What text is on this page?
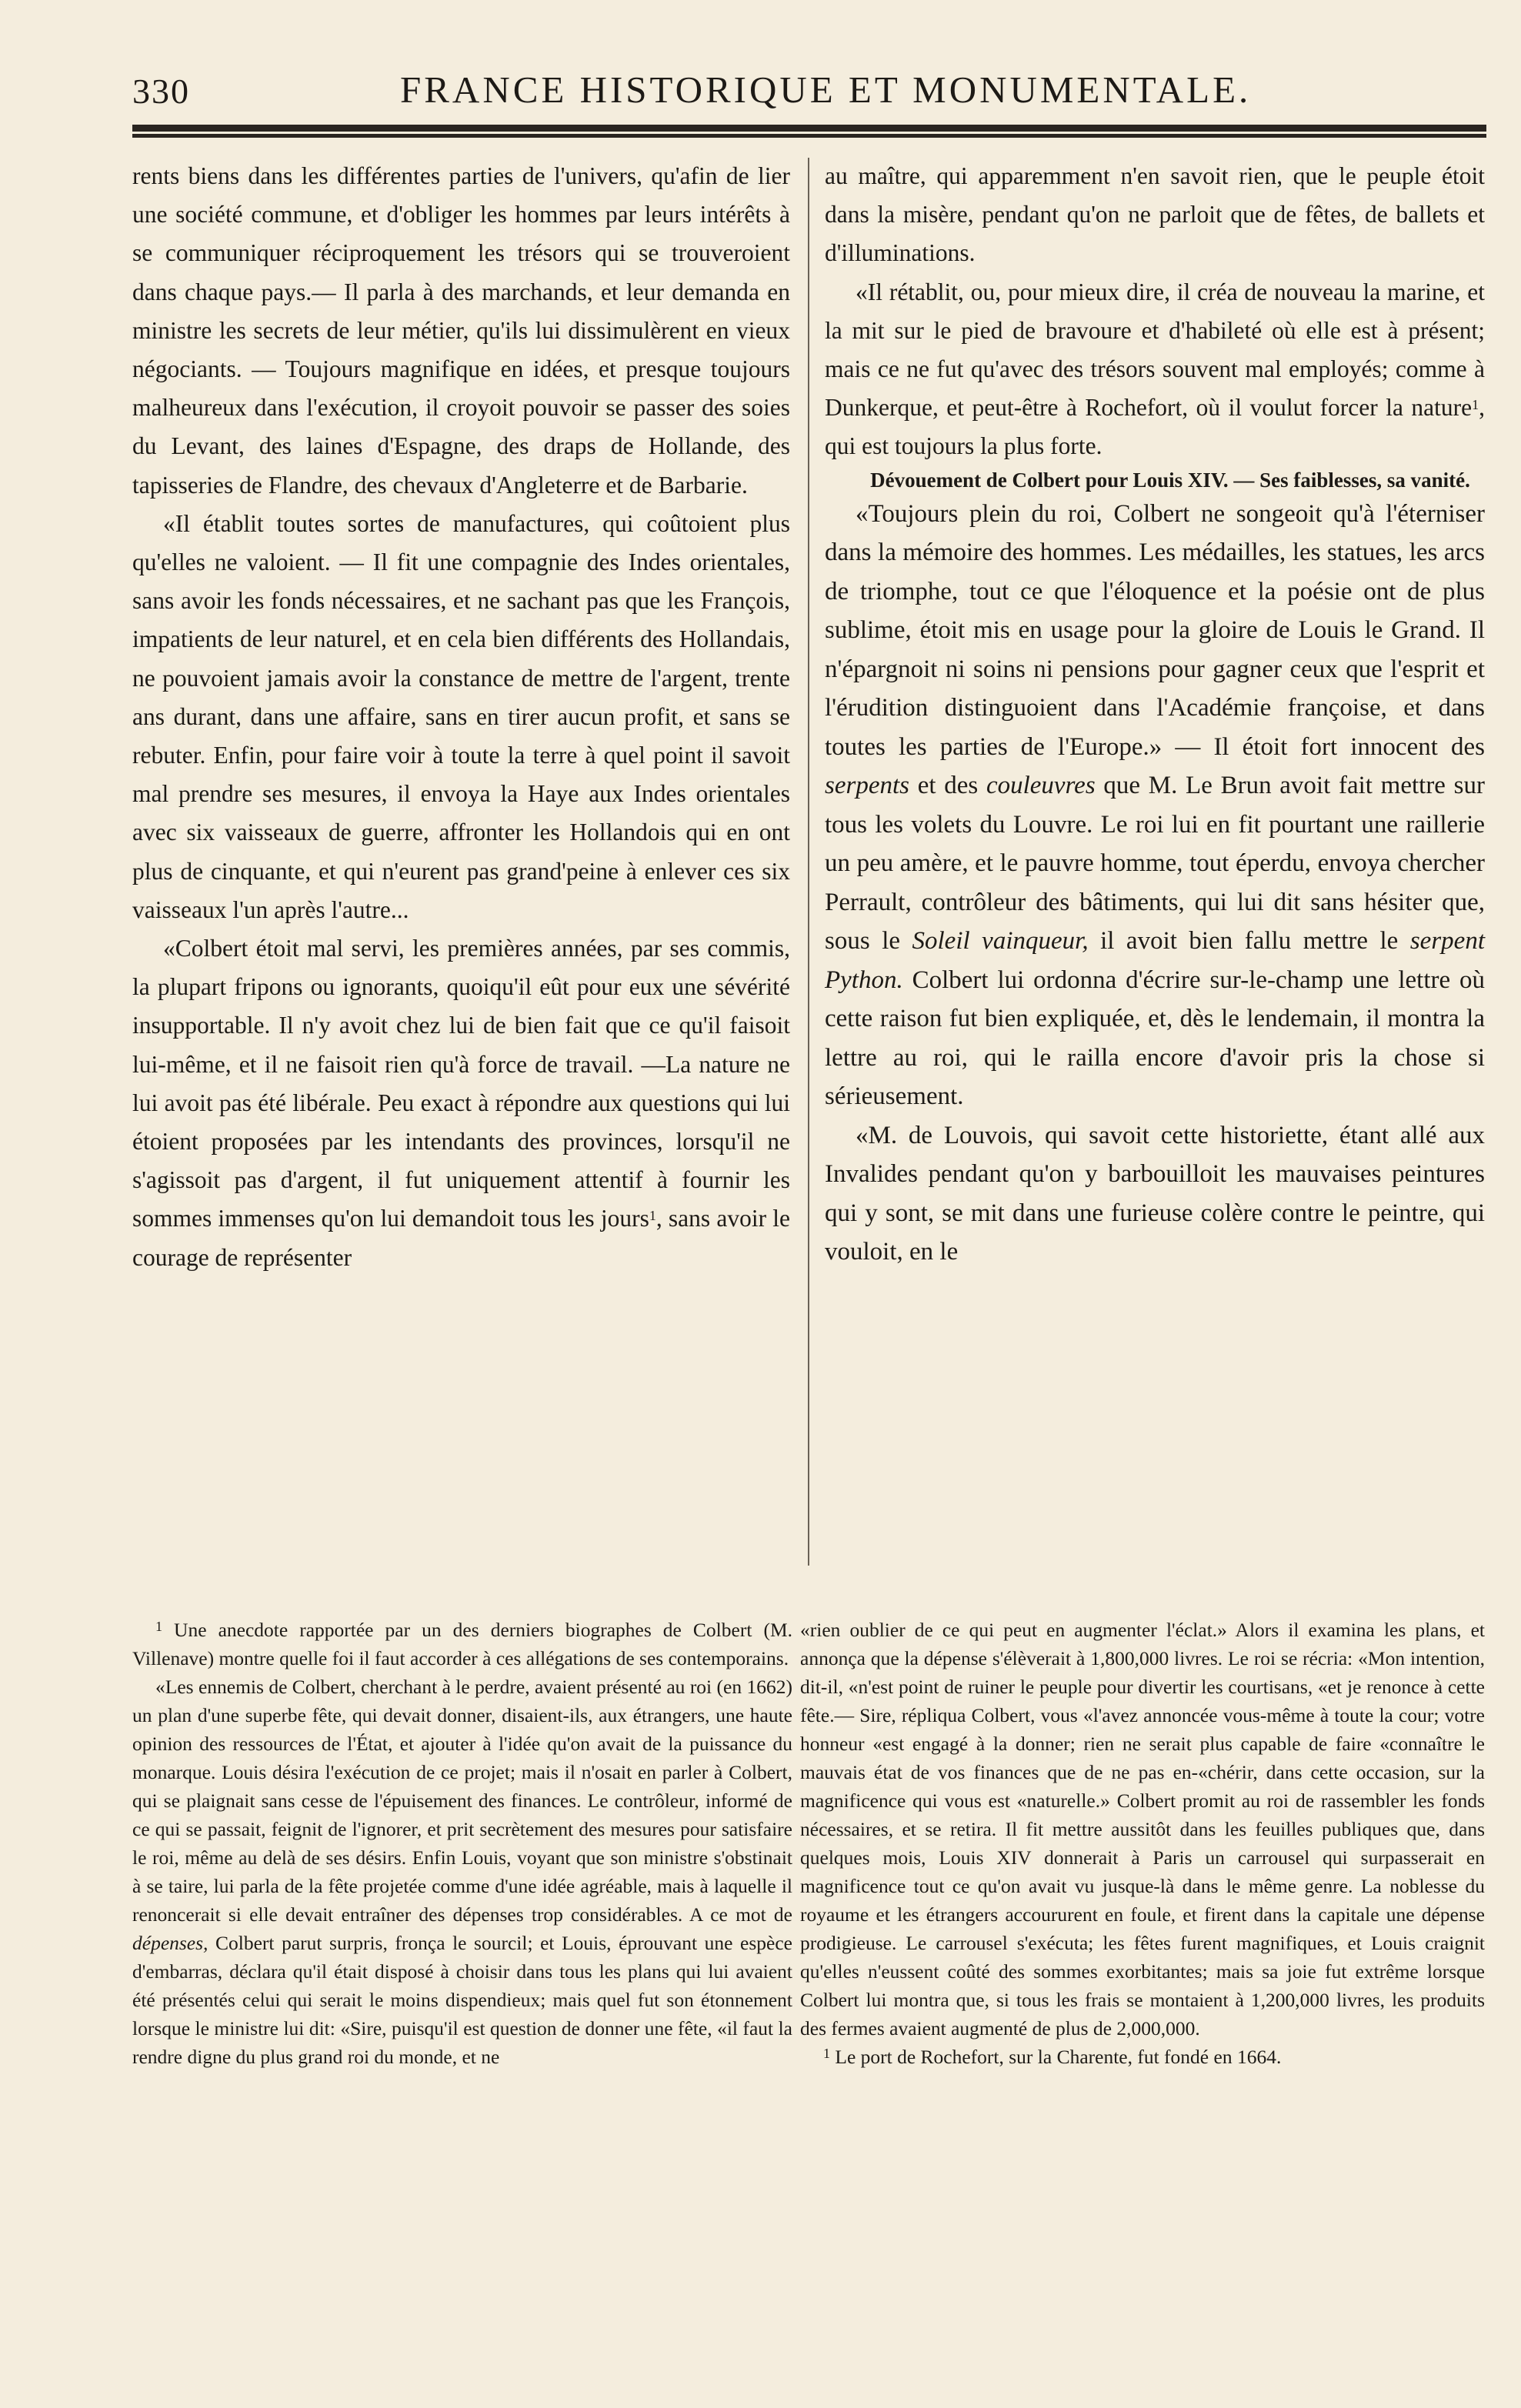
330	FRANCE HISTORIQUE ET MONUMENTALE.

rents biens dans les différentes parties de l'univers, qu'afin de lier une société commune, et d'obliger les hommes par leurs intérêts à se communiquer réciproquement les trésors qui se trouveroient dans chaque pays.— Il parla à des marchands, et leur demanda en ministre les secrets de leur métier, qu'ils lui dissimulèrent en vieux négociants. — Toujours magnifique en idées, et presque toujours malheureux dans l'exécution, il croyoit pouvoir se passer des soies du Levant, des laines d'Espagne, des draps de Hollande, des tapisseries de Flandre, des chevaux d'Angleterre et de Barbarie.

«Il établit toutes sortes de manufactures, qui coûtoient plus qu'elles ne valoient. — Il fit une compagnie des Indes orientales, sans avoir les fonds nécessaires, et ne sachant pas que les François, impatients de leur naturel, et en cela bien différents des Hollandais, ne pouvoient jamais avoir la constance de mettre de l'argent, trente ans durant, dans une affaire, sans en tirer aucun profit, et sans se rebuter. Enfin, pour faire voir à toute la terre à quel point il savoit mal prendre ses mesures, il envoya la Haye aux Indes orientales avec six vaisseaux de guerre, affronter les Hollandois qui en ont plus de cinquante, et qui n'eurent pas grand'peine à enlever ces six vaisseaux l'un après l'autre...

«Colbert étoit mal servi, les premières années, par ses commis, la plupart fripons ou ignorants, quoiqu'il eût pour eux une sévérité insupportable. Il n'y avoit chez lui de bien fait que ce qu'il faisoit lui-même, et il ne faisoit rien qu'à force de travail. —La nature ne lui avoit pas été libérale. Peu exact à répondre aux questions qui lui étoient proposées par les intendants des provinces, lorsqu'il ne s'agissoit pas d'argent, il fut uniquement attentif à fournir les sommes immenses qu'on lui demandoit tous les jours$^1$, sans avoir le courage de représenter

au maître, qui apparemment n'en savoit rien, que le peuple étoit dans la misère, pendant qu'on ne parloit que de fêtes, de ballets et d'illuminations.

«Il rétablit, ou, pour mieux dire, il créa de nouveau la marine, et la mit sur le pied de bravoure et d'habileté où elle est à présent; mais ce ne fut qu'avec des trésors souvent mal employés; comme à Dunkerque, et peut-être à Rochefort, où il voulut forcer la nature$^1$, qui est toujours la plus forte.

Dévouement de Colbert pour Louis XIV. — Ses faiblesses, sa vanité.

«Toujours plein du roi, Colbert ne songeoit qu'à l'éterniser dans la mémoire des hommes. Les médailles, les statues, les arcs de triomphe, tout ce que l'éloquence et la poésie ont de plus sublime, étoit mis en usage pour la gloire de Louis le Grand. Il n'épargnoit ni soins ni pensions pour gagner ceux que l'esprit et l'érudition distinguoient dans l'Académie françoise, et dans toutes les parties de l'Europe.» — Il étoit fort innocent des serpents et des couleuvres que M. Le Brun avoit fait mettre sur tous les volets du Louvre. Le roi lui en fit pourtant une raillerie un peu amère, et le pauvre homme, tout éperdu, envoya chercher Perrault, contrôleur des bâtiments, qui lui dit sans hésiter que, sous le Soleil vainqueur, il avoit bien fallu mettre le serpent Python. Colbert lui ordonna d'écrire sur-le-champ une lettre où cette raison fut bien expliquée, et, dès le lendemain, il montra la lettre au roi, qui le railla encore d'avoir pris la chose si sérieusement.

«M. de Louvois, qui savoit cette historiette, étant allé aux Invalides pendant qu'on y barbouilloit les mauvaises peintures qui y sont, se mit dans une furieuse colère contre le peintre, qui vouloit, en le

$^1$ Une anecdote rapportée par un des derniers biographes de Colbert (M. Villenave) montre quelle foi il faut accorder à ces allégations de ses contemporains.

«Les ennemis de Colbert, cherchant à le perdre, avaient présenté au roi (en 1662) un plan d'une superbe fête, qui devait donner, disaient-ils, aux étrangers, une haute opinion des ressources de l'État, et ajouter à l'idée qu'on avait de la puissance du monarque. Louis désira l'exécution de ce projet; mais il n'osait en parler à Colbert, qui se plaignait sans cesse de l'épuisement des finances. Le contrôleur, informé de ce qui se passait, feignit de l'ignorer, et prit secrètement des mesures pour satisfaire le roi, même au delà de ses désirs. Enfin Louis, voyant que son ministre s'obstinait à se taire, lui parla de la fête projetée comme d'une idée agréable, mais à laquelle il renoncerait si elle devait entraîner des dépenses trop considérables. A ce mot de dépenses, Colbert parut surpris, fronça le sourcil; et Louis, éprouvant une espèce d'embarras, déclara qu'il était disposé à choisir dans tous les plans qui lui avaient été présentés celui qui serait le moins dispendieux; mais quel fut son étonnement lorsque le ministre lui dit: «Sire, puisqu'il est question de donner une fête, «il faut la rendre digne du plus grand roi du monde, et ne

«rien oublier de ce qui peut en augmenter l'éclat.» Alors il examina les plans, et annonça que la dépense s'élèverait à 1,800,000 livres. Le roi se récria: «Mon intention, dit-il, «n'est point de ruiner le peuple pour divertir les courtisans, «et je renonce à cette fête.— Sire, répliqua Colbert, vous «l'avez annoncée vous-même à toute la cour; votre honneur «est engagé à la donner; rien ne serait plus capable de faire «connaître le mauvais état de vos finances que de ne pas en-«chérir, dans cette occasion, sur la magnificence qui vous est «naturelle.» Colbert promit au roi de rassembler les fonds nécessaires, et se retira. Il fit mettre aussitôt dans les feuilles publiques que, dans quelques mois, Louis XIV donnerait à Paris un carrousel qui surpasserait en magnificence tout ce qu'on avait vu jusque-là dans le même genre. La noblesse du royaume et les étrangers accoururent en foule, et firent dans la capitale une dépense prodigieuse. Le carrousel s'exécuta; les fêtes furent magnifiques, et Louis craignit qu'elles n'eussent coûté des sommes exorbitantes; mais sa joie fut extrême lorsque Colbert lui montra que, si tous les frais se montaient à 1,200,000 livres, les produits des fermes avaient augmenté de plus de 2,000,000.

$^1$ Le port de Rochefort, sur la Charente, fut fondé en 1664.
